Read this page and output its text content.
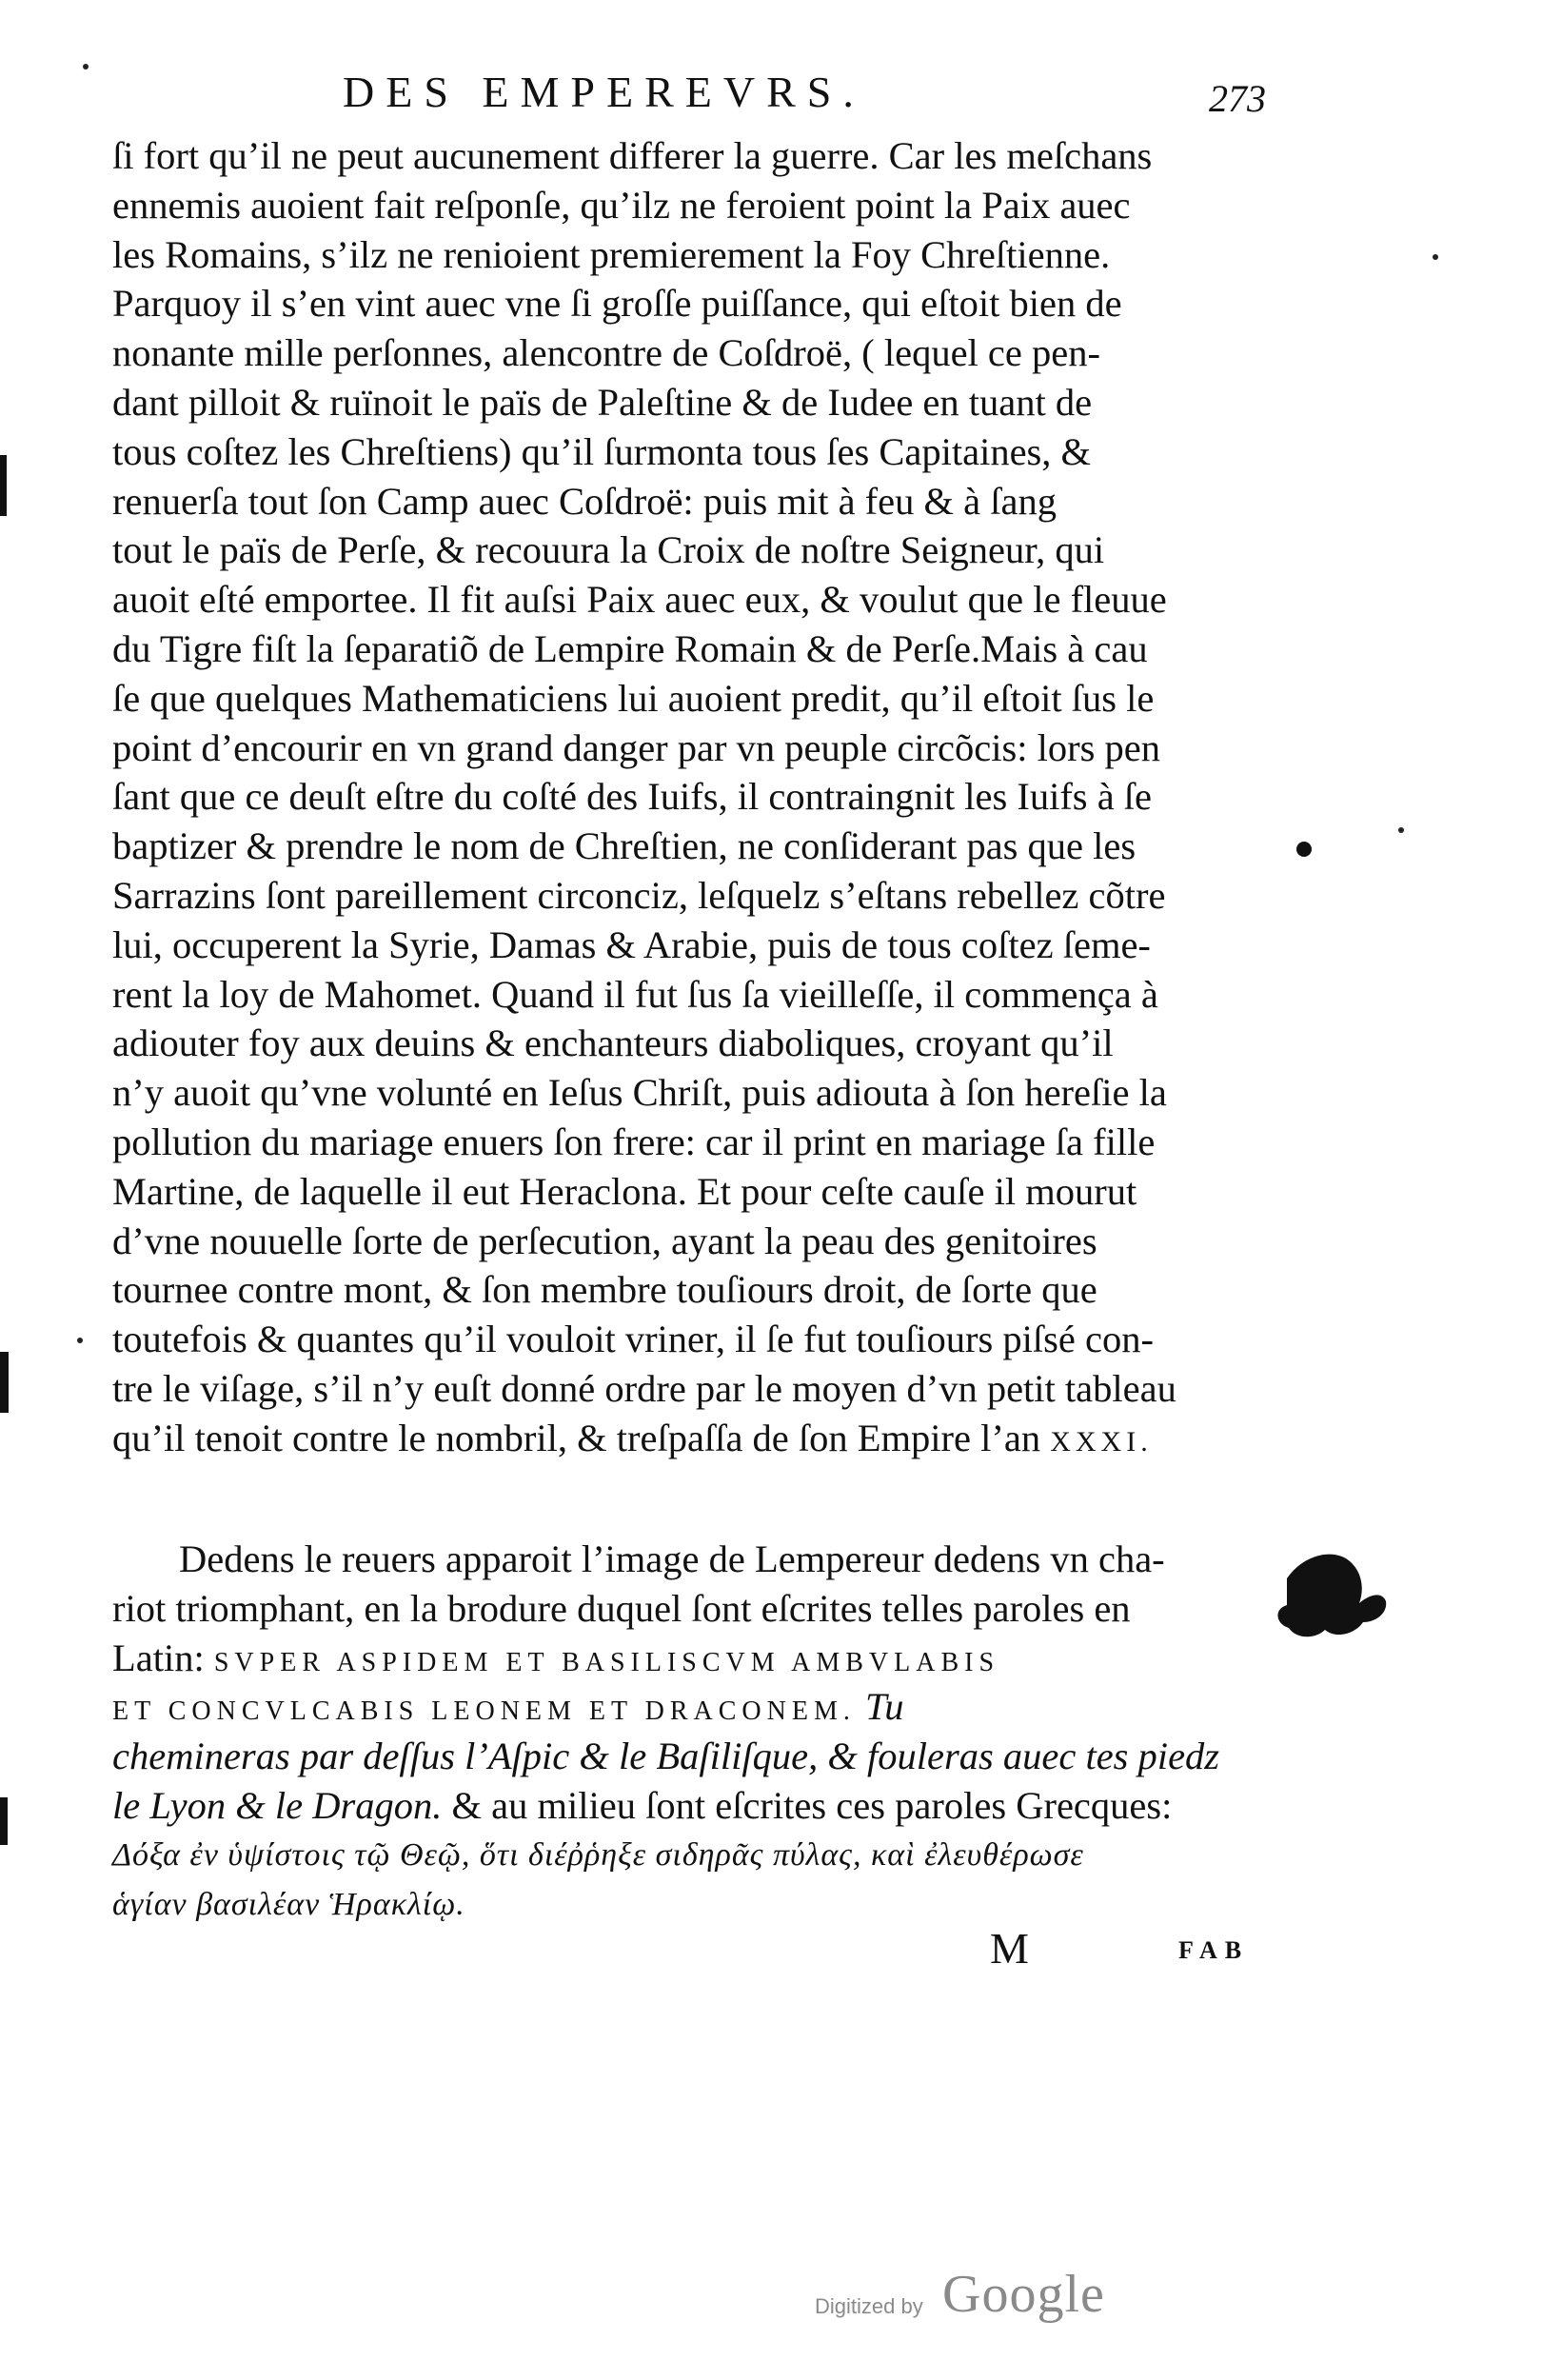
DES EMPEREVRS.	273
ſi fort qu’il ne peut aucunement differer la guerre. Car les meſchans
ennemis auoient fait reſponſe, qu’ilz ne feroient point la Paix auec
les Romains, s’ilz ne renioient premierement la Foy Chreſtienne.
Parquoy il s’en vint auec vne ſi groſſe puiſſance, qui eſtoit bien de
nonante mille perſonnes, alencontre de Coſdroë, ( lequel ce pen-
dant pilloit & ruïnoit le païs de Paleſtine & de Iudee en tuant de
tous coſtez les Chreſtiens) qu’il ſurmonta tous ſes Capitaines, &
renuerſa tout ſon Camp auec Coſdroë: puis mit à feu & à ſang
tout le païs de Perſe, & recouura la Croix de noſtre Seigneur, qui
auoit eſté emportee. Il fit auſsi Paix auec eux, & voulut que le fleuue
du Tigre fiſt la ſeparatiõ de Lempire Romain & de Perſe.Mais à cau
ſe que quelques Mathematiciens lui auoient predit, qu’il eſtoit ſus le
point d’encourir en vn grand danger par vn peuple circõcis: lors pen
ſant que ce deuſt eſtre du coſté des Iuifs, il contraingnit les Iuifs à ſe
baptizer & prendre le nom de Chreſtien, ne conſiderant pas que les
Sarrazins ſont pareillement circonciz, leſquelz s’eſtans rebellez cõtre
lui, occuperent la Syrie, Damas & Arabie, puis de tous coſtez ſeme-
rent la loy de Mahomet. Quand il fut ſus ſa vieilleſſe, il commença à
adiouter foy aux deuins & enchanteurs diaboliques, croyant qu’il
n’y auoit qu’vne volunté en Ieſus Chriſt, puis adiouta à ſon hereſie la
pollution du mariage enuers ſon frere: car il print en mariage ſa fille
Martine, de laquelle il eut Heraclona. Et pour ceſte cauſe il mourut
d’vne nouuelle ſorte de perſecution, ayant la peau des genitoires
tournee contre mont, & ſon membre touſiours droit, de ſorte que
toutefois & quantes qu’il vouloit vriner, il ſe fut touſiours piſsé con-
tre le viſage, s’il n’y euſt donné ordre par le moyen d’vn petit tableau
qu’il tenoit contre le nombril, & treſpaſſa de ſon Empire l’an XXXI.
Dedens le reuers apparoit l’image de Lempereur dedens vn cha-
riot triomphant, en la brodure duquel ſont eſcrites telles paroles en
Latin: SVPER ASPIDEM ET BASILISCVM AMBVLABIS
ET CONCVLCABIS LEONEM ET DRACONEM. Tu
chemineras par deſſus l’Aſpic & le Baſiliſque, & fouleras auec tes piedz
le Lyon & le Dragon. & au milieu ſont eſcrites ces paroles Grecques:
Δόξα ἐν ὑψίστοις τῷ Θεῷ, ὅτι διέῤῥηξε σιδηρᾶς πύλας, καὶ ἐλευθέρωσε
ἁγίαν βασιλέαν Ἡρακλίῳ.
M	FAB
Digitized by Google
